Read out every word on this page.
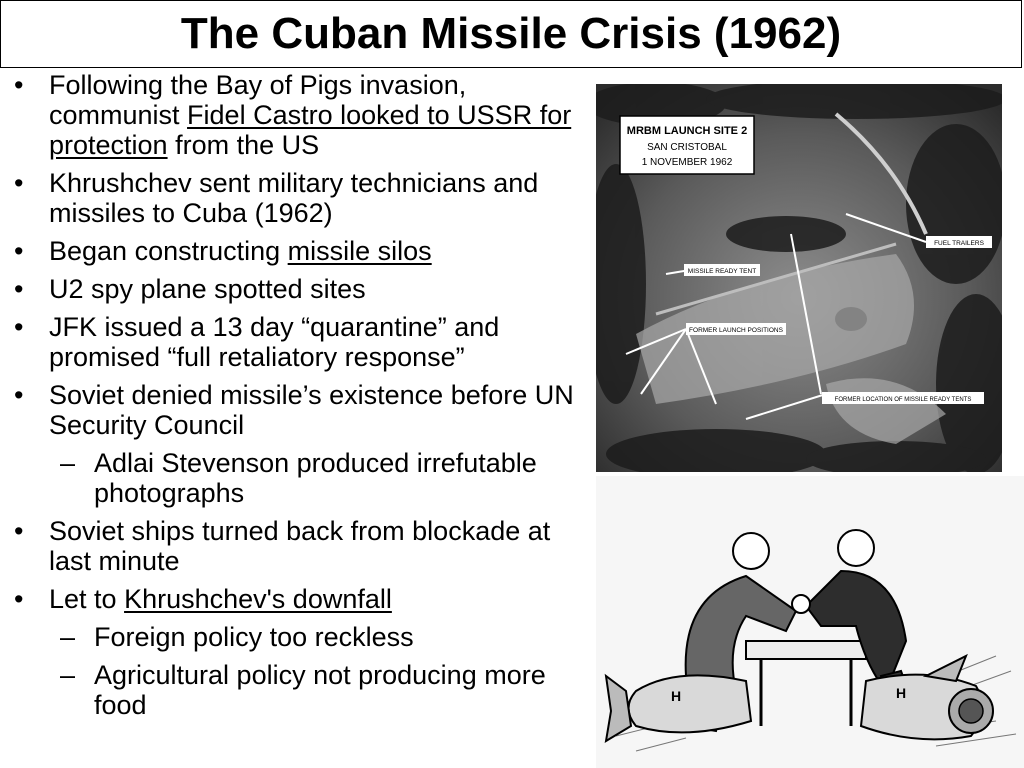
The Cuban Missile Crisis (1962)
• Following the Bay of Pigs invasion, communist Fidel Castro looked to USSR for protection from the US
• Khrushchev sent military technicians and missiles to Cuba (1962)
• Began constructing missile silos
• U2 spy plane spotted sites
• JFK issued a 13 day “quarantine” and promised “full retaliatory response”
• Soviet denied missile’s existence before UN Security Council
– Adlai Stevenson produced irrefutable photographs
• Soviet ships turned back from blockade at last minute
• Let to Khrushchev's downfall
– Foreign policy too reckless
– Agricultural policy not producing more food
MRBM LAUNCH SITE 2
SAN CRISTOBAL
1 NOVEMBER 1962
FUEL TRAILERS
MISSILE READY TENT
FORMER LAUNCH POSITIONS
FORMER LOCATION OF MISSILE READY TENTS
H	H
